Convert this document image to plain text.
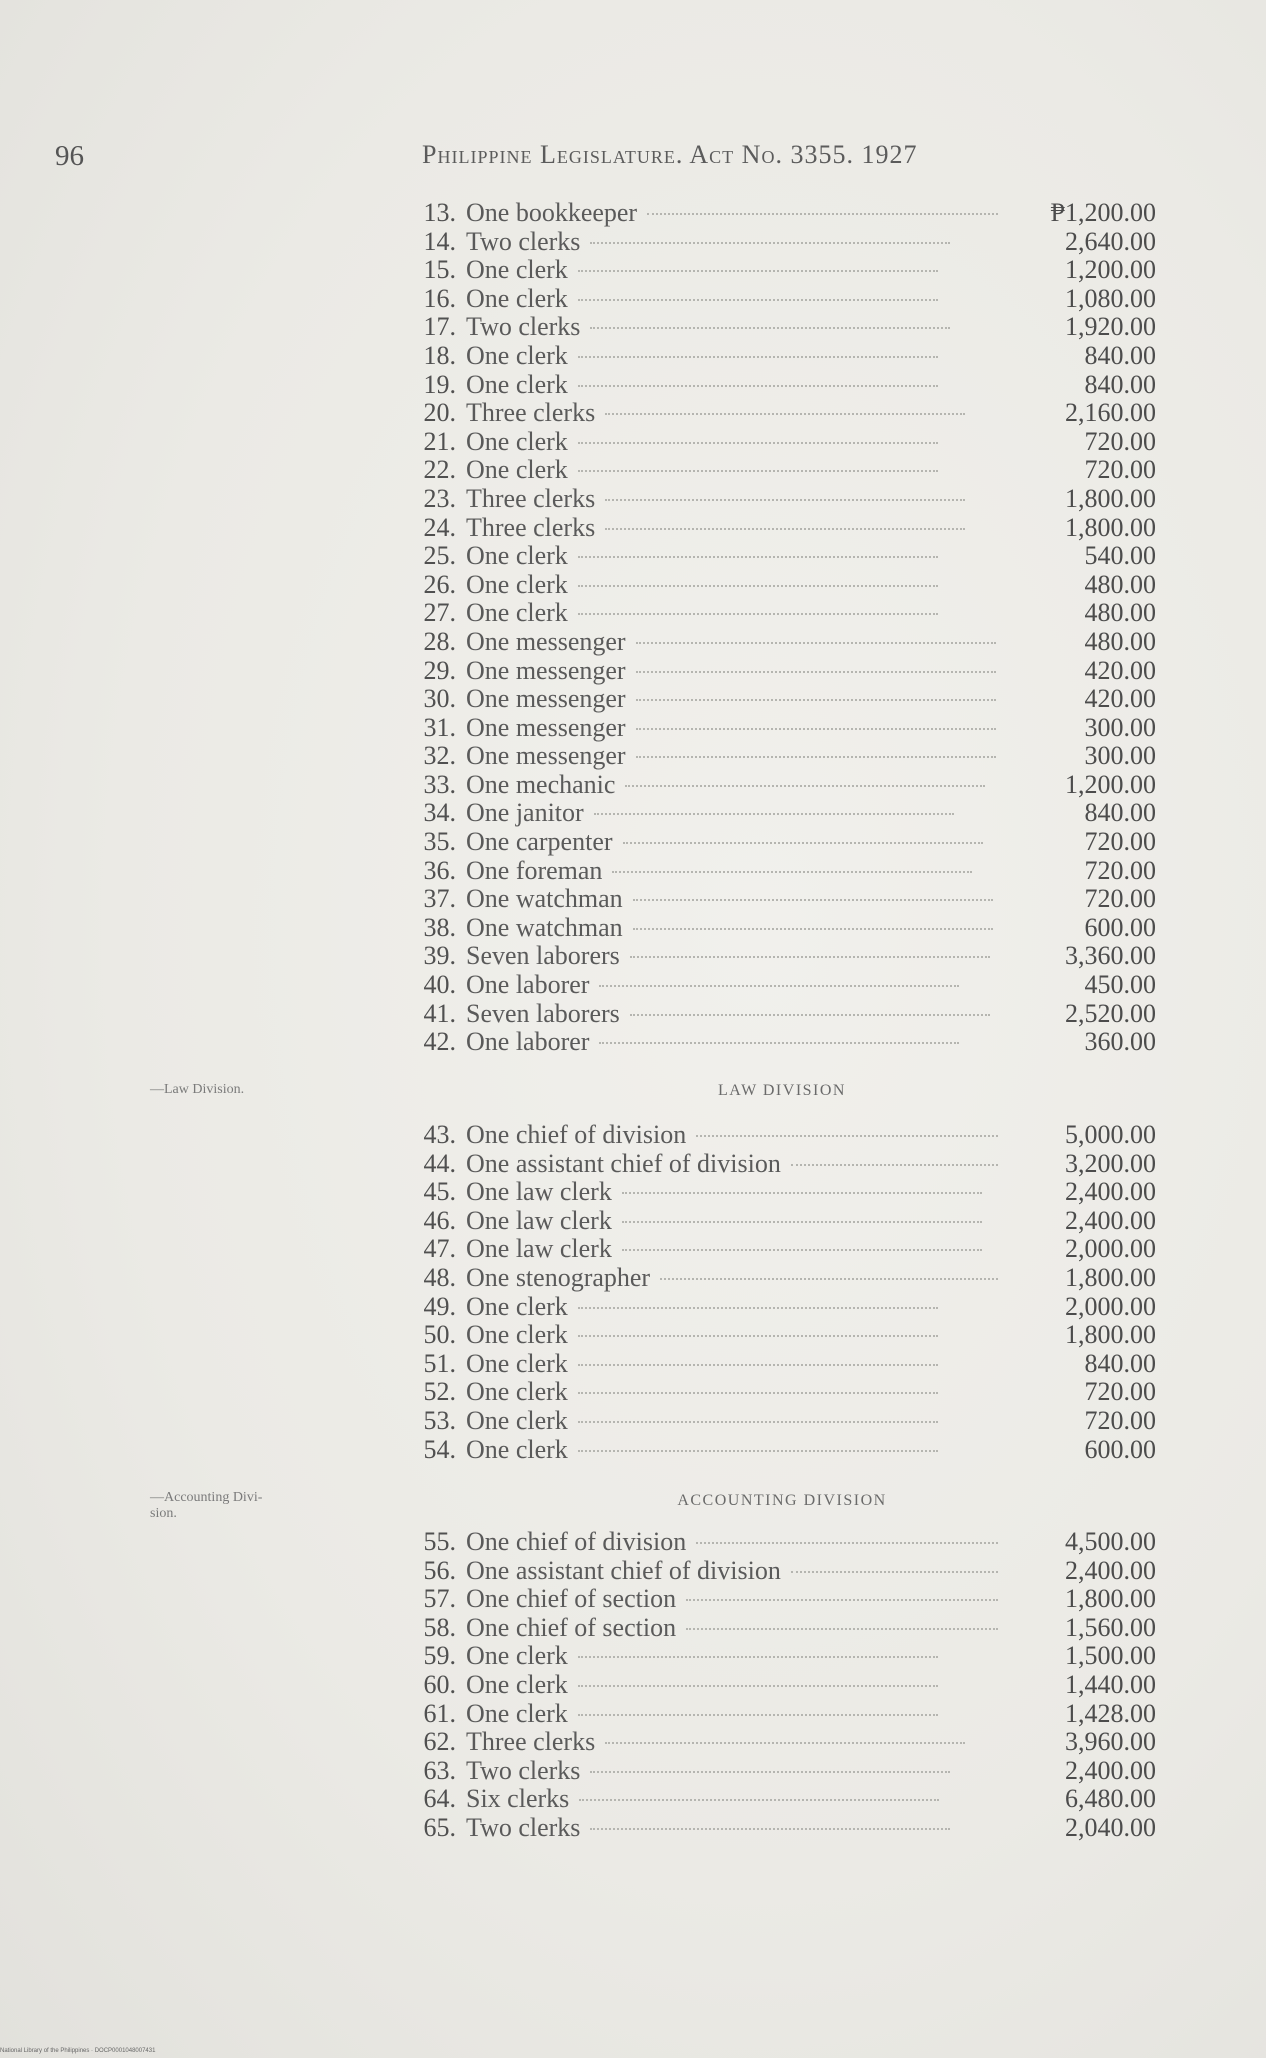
96	Philippine Legislature. Act No. 3355. 1927
13. One bookkeeper	₱1,200.00
14. Two clerks	2,640.00
15. One clerk	1,200.00
16. One clerk	1,080.00
17. Two clerks	1,920.00
18. One clerk	840.00
19. One clerk	840.00
20. Three clerks	2,160.00
21. One clerk	720.00
22. One clerk	720.00
23. Three clerks	1,800.00
24. Three clerks	1,800.00
25. One clerk	540.00
26. One clerk	480.00
27. One clerk	480.00
28. One messenger	480.00
29. One messenger	420.00
30. One messenger	420.00
31. One messenger	300.00
32. One messenger	300.00
33. One mechanic	1,200.00
34. One janitor	840.00
35. One carpenter	720.00
36. One foreman	720.00
37. One watchman	720.00
38. One watchman	600.00
39. Seven laborers	3,360.00
40. One laborer	450.00
41. Seven laborers	2,520.00
42. One laborer	360.00
—Law Division.	LAW DIVISION
43. One chief of division	5,000.00
44. One assistant chief of division	3,200.00
45. One law clerk	2,400.00
46. One law clerk	2,400.00
47. One law clerk	2,000.00
48. One stenographer	1,800.00
49. One clerk	2,000.00
50. One clerk	1,800.00
51. One clerk	840.00
52. One clerk	720.00
53. One clerk	720.00
54. One clerk	600.00
—Accounting Divi-
sion.
ACCOUNTING DIVISION
55. One chief of division	4,500.00
56. One assistant chief of division	2,400.00
57. One chief of section	1,800.00
58. One chief of section	1,560.00
59. One clerk	1,500.00
60. One clerk	1,440.00
61. One clerk	1,428.00
62. Three clerks	3,960.00
63. Two clerks	2,400.00
64. Six clerks	6,480.00
65. Two clerks	2,040.00
National Library of the Philippines · DOCP0001048007431
